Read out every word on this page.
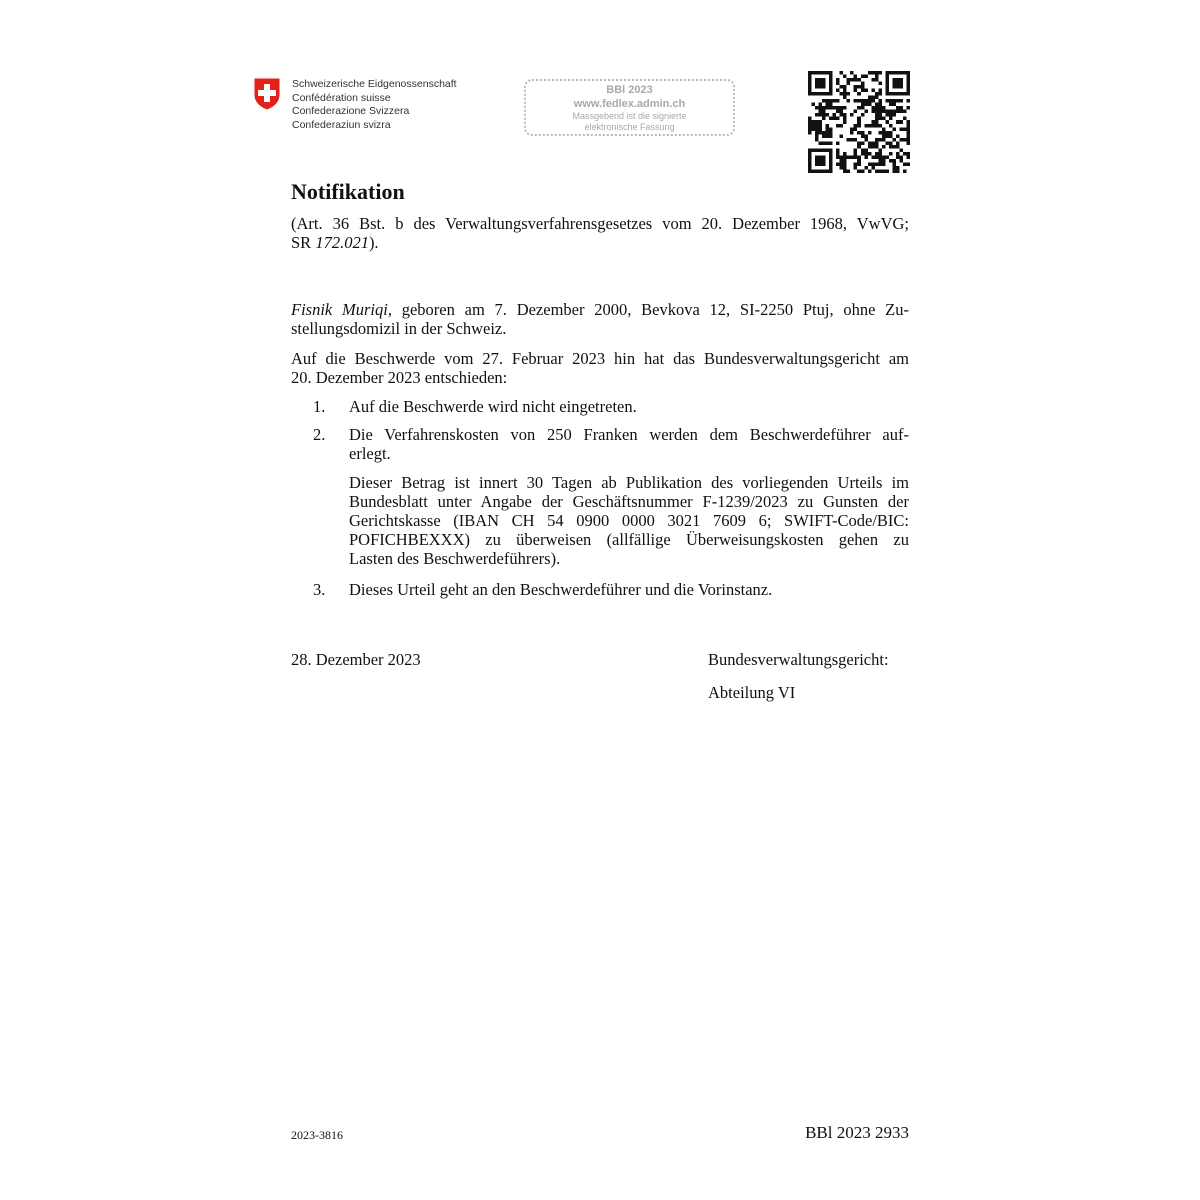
Schweizerische Eidgenossenschaft
Confédération suisse
Confederazione Svizzera
Confederaziun svizra
BBl 2023
www.fedlex.admin.ch
Massgebend ist die signierte
elektronische Fassung
Notifikation
(Art. 36 Bst. b des Verwaltungsverfahrensgesetzes vom 20. Dezember 1968, VwVG;
SR 172.021).
Fisnik Muriqi, geboren am 7. Dezember 2000, Bevkova 12, SI-2250 Ptuj, ohne Zu-
stellungsdomizil in der Schweiz.
Auf die Beschwerde vom 27. Februar 2023 hin hat das Bundesverwaltungsgericht am
20. Dezember 2023 entschieden:
1. Auf die Beschwerde wird nicht eingetreten.
2. Die Verfahrenskosten von 250 Franken werden dem Beschwerdeführer auf-
erlegt.
Dieser Betrag ist innert 30 Tagen ab Publikation des vorliegenden Urteils im
Bundesblatt unter Angabe der Geschäftsnummer F-1239/2023 zu Gunsten der
Gerichtskasse (IBAN CH 54 0900 0000 3021 7609 6; SWIFT-Code/BIC:
POFICHBEXXX) zu überweisen (allfällige Überweisungskosten gehen zu
Lasten des Beschwerdeführers).
3. Dieses Urteil geht an den Beschwerdeführer und die Vorinstanz.
28. Dezember 2023	Bundesverwaltungsgericht:
Abteilung VI
2023-3816	BBl 2023 2933
